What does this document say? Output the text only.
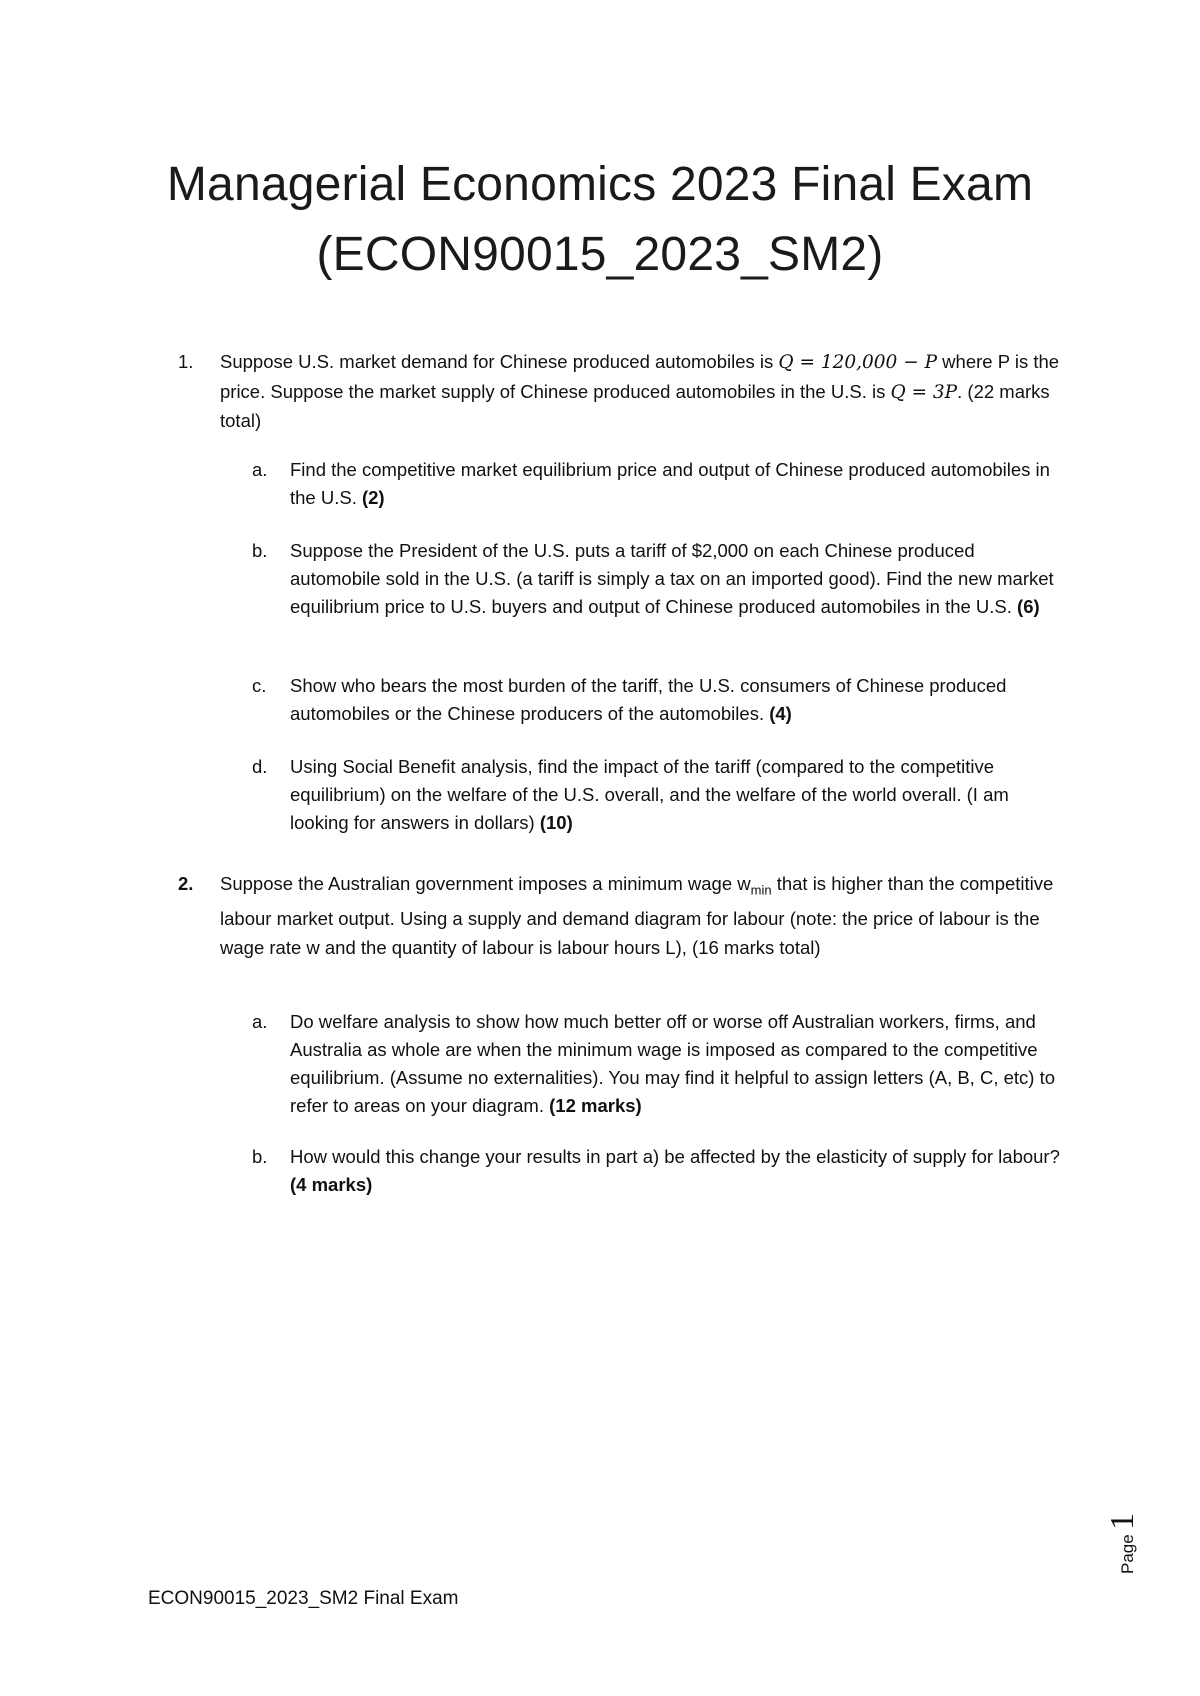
Managerial Economics 2023 Final Exam
(ECON90015_2023_SM2)
1. Suppose U.S. market demand for Chinese produced automobiles is Q = 120,000 − P where P is the price. Suppose the market supply of Chinese produced automobiles in the U.S. is Q = 3P. (22 marks total)
a. Find the competitive market equilibrium price and output of Chinese produced automobiles in the U.S. (2)
b. Suppose the President of the U.S. puts a tariff of $2,000 on each Chinese produced automobile sold in the U.S. (a tariff is simply a tax on an imported good). Find the new market equilibrium price to U.S. buyers and output of Chinese produced automobiles in the U.S. (6)
c. Show who bears the most burden of the tariff, the U.S. consumers of Chinese produced automobiles or the Chinese producers of the automobiles. (4)
d. Using Social Benefit analysis, find the impact of the tariff (compared to the competitive equilibrium) on the welfare of the U.S. overall, and the welfare of the world overall. (I am looking for answers in dollars) (10)
2. Suppose the Australian government imposes a minimum wage $w_{min}$ that is higher than the competitive labour market output. Using a supply and demand diagram for labour (note: the price of labour is the wage rate w and the quantity of labour is labour hours L), (16 marks total)
a. Do welfare analysis to show how much better off or worse off Australian workers, firms, and Australia as whole are when the minimum wage is imposed as compared to the competitive equilibrium. (Assume no externalities). You may find it helpful to assign letters (A, B, C, etc) to refer to areas on your diagram. (12 marks)
b. How would this change your results in part a) be affected by the elasticity of supply for labour? (4 marks)
Page 1
ECON90015_2023_SM2 Final Exam
